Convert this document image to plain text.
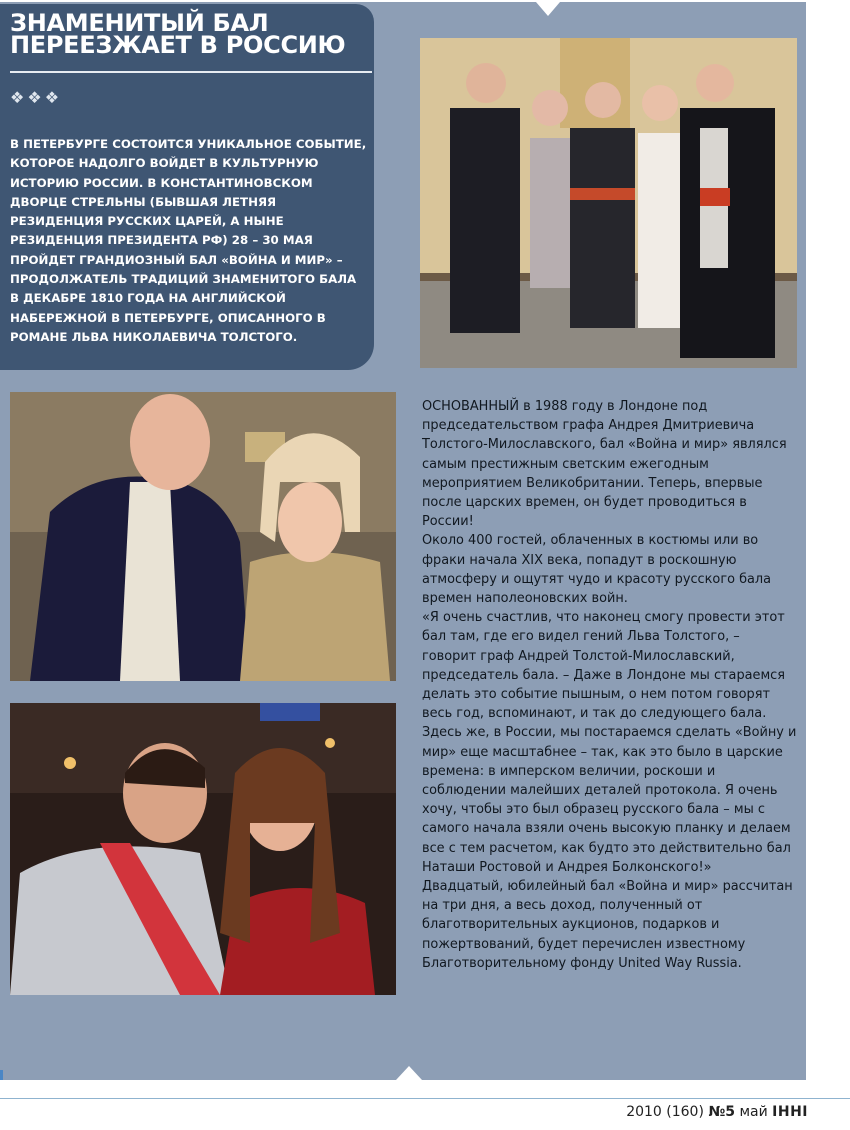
ЗНАМЕНИТЫЙ БАЛ
ПЕРЕЕЗЖАЕТ В РОССИЮ
❖❖❖
В ПЕТЕРБУРГЕ СОСТОИТСЯ УНИКАЛЬНОЕ СОБЫТИЕ, КОТОРОЕ НАДОЛГО ВОЙДЕТ В КУЛЬТУРНУЮ ИСТОРИЮ РОССИИ. В КОНСТАНТИНОВСКОМ ДВОРЦЕ СТРЕЛЬНЫ (БЫВШАЯ ЛЕТНЯЯ РЕЗИДЕНЦИЯ РУССКИХ ЦАРЕЙ, А НЫНЕ РЕЗИДЕНЦИЯ ПРЕЗИДЕНТА РФ) 28 – 30 МАЯ ПРОЙДЕТ ГРАНДИОЗНЫЙ БАЛ «ВОЙНА И МИР» – ПРОДОЛЖАТЕЛЬ ТРАДИЦИЙ ЗНАМЕНИТОГО БАЛА В ДЕКАБРЕ 1810 ГОДА НА АНГЛИЙСКОЙ НАБЕРЕЖНОЙ В ПЕТЕРБУРГЕ, ОПИСАННОГО В РОМАНЕ ЛЬВА НИКОЛАЕВИЧА ТОЛСТОГО.

ОСНОВАННЫЙ в 1988 году в Лондоне под председательством графа Андрея Дмитриевича Толстого-Милославского, бал «Война и мир» являлся самым престижным светским ежегодным мероприятием Великобритании. Теперь, впервые после царских времен, он будет проводиться в России!

Около 400 гостей, облаченных в костюмы или во фраки начала XIX века, попадут в роскошную атмосферу и ощутят чудо и красоту русского бала времен наполеоновских войн.

«Я очень счастлив, что наконец смогу провести этот бал там, где его видел гений Льва Толстого, – говорит граф Андрей Толстой-Милославский, председатель бала. – Даже в Лондоне мы стараемся делать это событие пышным, о нем потом говорят весь год, вспоминают, и так до следующего бала. Здесь же, в России, мы постараемся сделать «Войну и мир» еще масштабнее – так, как это было в царские времена: в имперском величии, роскоши и соблюдении малейших деталей протокола. Я очень хочу, чтобы это был образец русского бала – мы с самого начала взяли очень высокую планку и делаем все с тем расчетом, как будто это действительно бал Наташи Ростовой и Андрея Болконского!»

Двадцатый, юбилейный бал «Война и мир» рассчитан на три дня, а весь доход, полученный от благотворительных аукционов, подарков и пожертвований, будет перечислен известному Благотворительному фонду United Way Russia.

2010 (160) №5 май IHHI
